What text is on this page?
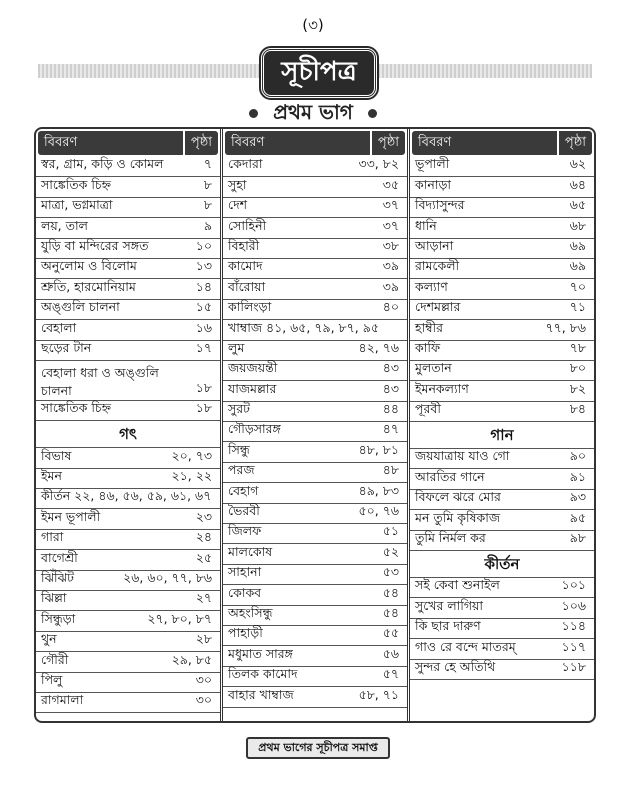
(৩)
সূচীপত্র
প্রথম ভাগ
বিবরণ	পৃষ্ঠা
স্বর, গ্রাম, কড়ি ও কোমল	৭
সাঙ্কেতিক চিহ্ন	৮
মাত্রা, ভগ্নমাত্রা	৮
লয়, তাল	৯
যুড়ি বা মন্দিরের সঙ্গত	১০
অনুলোম ও বিলোম	১৩
শ্রুতি, হারমোনিয়াম	১৪
অঙ্গুলি চালনা	১৫
বেহালা	১৬
ছড়ের টান	১৭
বেহালা ধরা ও অঙ্গুলি চালনা	১৮
সাঙ্কেতিক চিহ্ন	১৮
গৎ
বিভাষ	২০, ৭৩
ইমন	২১, ২২
কীর্তন ২২, ৪৬, ৫৬, ৫৯, ৬১, ৬৭
ইমন ভূপালী	২৩
গারা	২৪
বাগেশ্রী	২৫
ঝিঁঝিট	২৬, ৬০, ৭৭, ৮৬
ঝিল্লা	২৭
সিন্ধুড়া	২৭, ৮০, ৮৭
থুন	২৮
গৌরী	২৯, ৮৫
পিলু	৩০
রাগমালা	৩০
বিবরণ	পৃষ্ঠা
কেদারা	৩৩, ৮২
সুহা	৩৫
দেশ	৩৭
সোহিনী	৩৭
বিহারী	৩৮
কামোদ	৩৯
বাঁরোয়া	৩৯
কালিংড়া	৪০
খাম্বাজ ৪১, ৬৫, ৭৯, ৮৭, ৯৫
লুম	৪২, ৭৬
জয়জয়ন্তী	৪৩
যাজমল্লার	৪৩
সুরট	৪৪
গৌড়সারঙ্গ	৪৭
সিন্ধু	৪৮, ৮১
পরজ	৪৮
বেহাগ	৪৯, ৮৩
ভৈরবী	৫০, ৭৬
জিলফ	৫১
মালকোষ	৫২
সাহানা	৫৩
কোকব	৫৪
অহংসিন্ধু	৫৪
পাহাড়ী	৫৫
মধুমাত সারঙ্গ	৫৬
তিলক কামোদ	৫৭
বাহার খাম্বাজ	৫৮, ৭১
বিবরণ	পৃষ্ঠা
ভূপালী	৬২
কানাড়া	৬৪
বিদ্যাসুন্দর	৬৫
ধানি	৬৮
আড়ানা	৬৯
রামকেলী	৬৯
কল্যাণ	৭০
দেশমল্লার	৭১
হাম্বীর	৭৭, ৮৬
কাফি	৭৮
মুলতান	৮০
ইমনকল্যাণ	৮২
পূরবী	৮৪
গান
জয়যাত্রায় যাও গো	৯০
আরতির গানে	৯১
বিফলে ঝরে মোর	৯৩
মন তুমি কৃষিকাজ	৯৫
তুমি নির্মল কর	৯৮
কীর্তন
সই কেবা শুনাইল	১০১
সুখের লাগিয়া	১০৬
কি ছার দারুণ	১১৪
গাও রে বন্দে মাতরম্	১১৭
সুন্দর হে অতিথি	১১৮
প্রথম ভাগের সূচীপত্র সমাপ্ত
